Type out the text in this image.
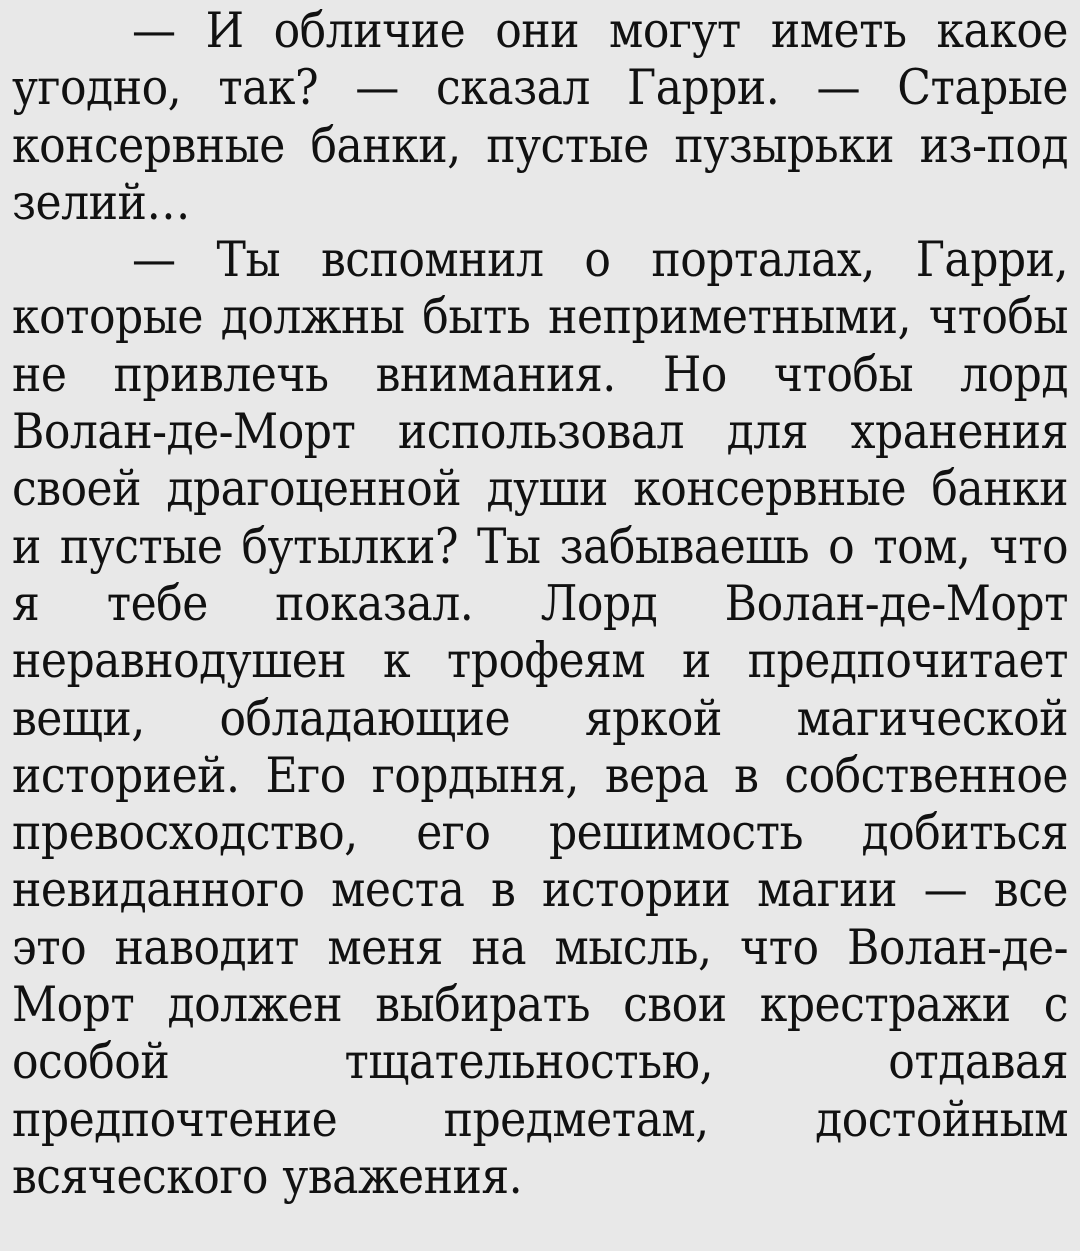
— И обличие они могут иметь какое угодно, так? — сказал Гарри. — Старые консервные банки, пустые пузырьки из-под зелий…

— Ты вспомнил о порталах, Гарри, которые должны быть неприметными, чтобы не привлечь внимания. Но чтобы лорд Волан-де-Морт использовал для хранения своей драгоценной души консервные банки и пустые бутылки? Ты забываешь о том, что я тебе показал. Лорд Волан-де-Морт неравнодушен к трофеям и предпочитает вещи, обладающие яркой магической историей. Его гордыня, вера в собственное превосходство, его решимость добиться невиданного места в истории магии — все это наводит меня на мысль, что Волан-де-Морт должен выбирать свои крестражи с особой тщательностью, отдавая предпочтение предметам, достойным всяческого уважения.
